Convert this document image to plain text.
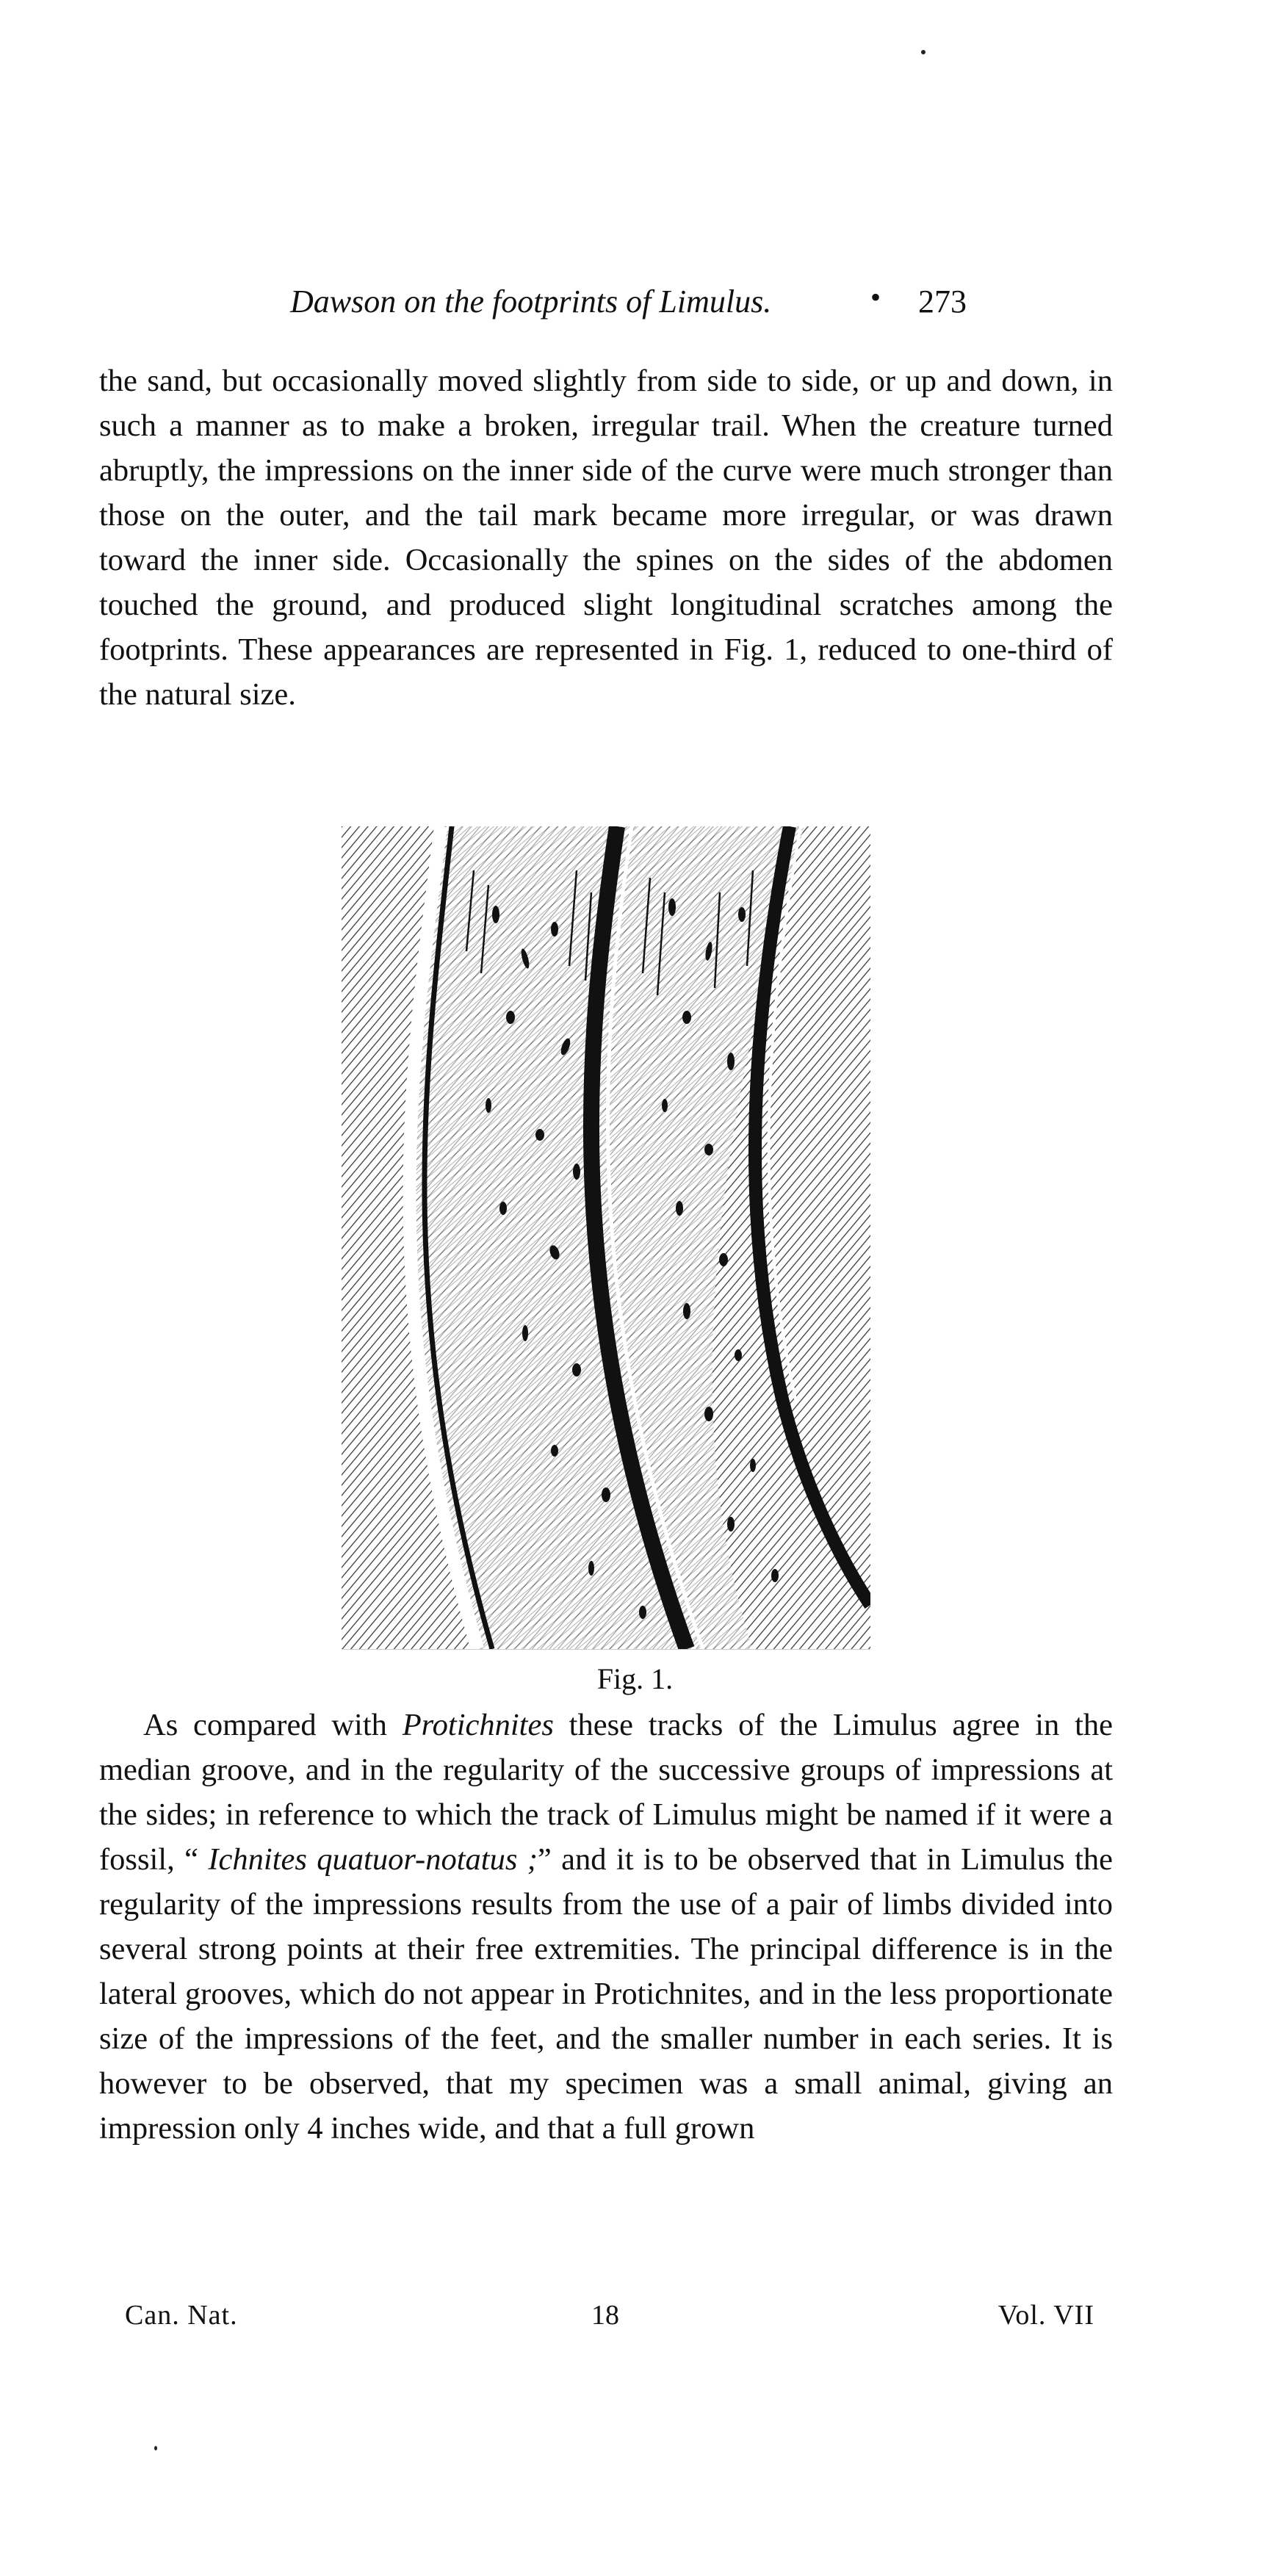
Dawson on the footprints of Limulus.	• 273

the sand, but occasionally moved slightly from side to side, or up and down, in such a manner as to make a broken, irregular trail. When the creature turned abruptly, the impressions on the inner side of the curve were much stronger than those on the outer, and the tail mark became more irregular, or was drawn toward the inner side. Occasionally the spines on the sides of the abdomen touched the ground, and produced slight longitudinal scratches among the footprints. These appearances are represented in Fig. 1, reduced to one-third of the natural size.

Fig. 1.

As compared with Protichnites these tracks of the Limulus agree in the median groove, and in the regularity of the successive groups of impressions at the sides; in reference to which the track of Limulus might be named if it were a fossil, “ Ichnites quatuor-notatus ;” and it is to be observed that in Limulus the regularity of the impressions results from the use of a pair of limbs divided into several strong points at their free extremities. The principal difference is in the lateral grooves, which do not appear in Protichnites, and in the less proportionate size of the impressions of the feet, and the smaller number in each series. It is however to be observed, that my specimen was a small animal, giving an impression only 4 inches wide, and that a full grown

Can. Nat.	18	Vol. VII
